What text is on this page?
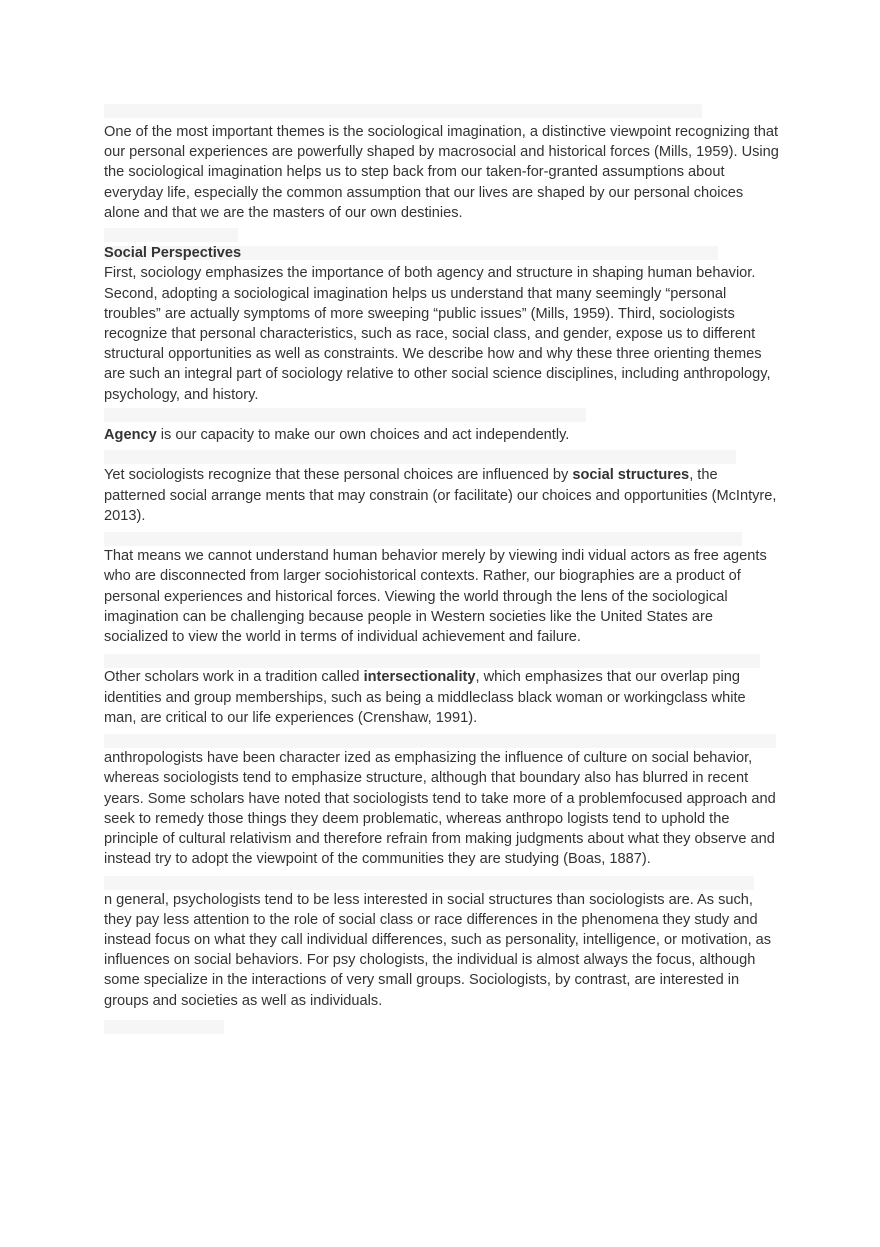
One of the most important themes is the sociological imagination, a distinctive viewpoint recognizing that our personal experiences are powerfully shaped by macrosocial and historical forces (Mills, 1959). Using the sociological imagination helps us to step back from our taken-for-granted assumptions about everyday life, especially the common assumption that our lives are shaped by our personal choices alone and that we are the masters of our own destinies.

Social Perspectives

First, sociology emphasizes the importance of both agency and structure in shaping human behavior. Second, adopting a sociological imagination helps us understand that many seemingly “personal troubles” are actually symptoms of more sweeping “public issues” (Mills, 1959). Third, sociologists recognize that personal characteristics, such as race, social class, and gender, expose us to different structural opportunities as well as constraints. We describe how and why these three orienting themes are such an integral part of sociology relative to other social science disciplines, including anthropology, psychology, and history.

Agency is our capacity to make our own choices and act independently.

Yet sociologists recognize that these personal choices are influenced by social structures, the patterned social arrange ments that may constrain (or facilitate) our choices and opportunities (McIntyre, 2013).

That means we cannot understand human behavior merely by viewing indi vidual actors as free agents who are disconnected from larger sociohistorical contexts. Rather, our biographies are a product of personal experiences and historical forces. Viewing the world through the lens of the sociological imagination can be challenging because people in Western societies like the United States are socialized to view the world in terms of individual achievement and failure.

Other scholars work in a tradition called intersectionality, which emphasizes that our overlap ping identities and group memberships, such as being a middleclass black woman or workingclass white man, are critical to our life experiences (Crenshaw, 1991).

anthropologists have been character ized as emphasizing the influence of culture on social behavior, whereas sociologists tend to emphasize structure, although that boundary also has blurred in recent years. Some scholars have noted that sociologists tend to take more of a problemfocused approach and seek to remedy those things they deem problematic, whereas anthropo logists tend to uphold the principle of cultural relativism and therefore refrain from making judgments about what they observe and instead try to adopt the viewpoint of the communities they are studying (Boas, 1887).

n general, psychologists tend to be less interested in social structures than sociologists are. As such, they pay less attention to the role of social class or race differences in the phenomena they study and instead focus on what they call individual differences, such as personality, intelligence, or motivation, as influences on social behaviors. For psy chologists, the individual is almost always the focus, although some specialize in the interactions of very small groups. Sociologists, by contrast, are interested in groups and societies as well as individuals.
